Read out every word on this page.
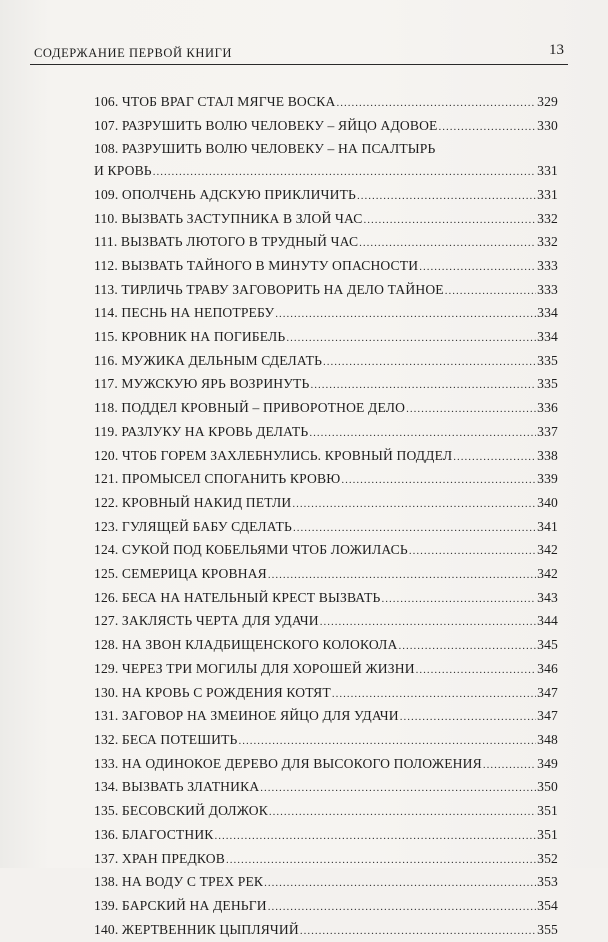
СОДЕРЖАНИЕ ПЕРВОЙ КНИГИ	13
106. ЧТОБ ВРАГ СТАЛ МЯГЧЕ ВОСКА .....	329
107. РАЗРУШИТЬ ВОЛЮ ЧЕЛОВЕКУ – ЯЙЦО АДОВОЕ .....	330
108. РАЗРУШИТЬ ВОЛЮ ЧЕЛОВЕКУ – НА ПСАЛТЫРЬ
И КРОВЬ .....	331
109. ОПОЛЧЕНЬ АДСКУЮ ПРИКЛИЧИТЬ .....	331
110. ВЫЗВАТЬ ЗАСТУПНИКА В ЗЛОЙ ЧАС .....	332
111. ВЫЗВАТЬ ЛЮТОГО В ТРУДНЫЙ ЧАС .....	332
112. ВЫЗВАТЬ ТАЙНОГО В МИНУТУ ОПАСНОСТИ .....	333
113. ТИРЛИЧЬ ТРАВУ ЗАГОВОРИТЬ НА ДЕЛО ТАЙНОЕ .....	333
114. ПЕСНЬ НА НЕПОТРЕБУ .....	334
115. КРОВНИК НА ПОГИБЕЛЬ .....	334
116. МУЖИКА ДЕЛЬНЫМ СДЕЛАТЬ .....	335
117. МУЖСКУЮ ЯРЬ ВОЗРИНУТЬ .....	335
118. ПОДДЕЛ КРОВНЫЙ – ПРИВОРОТНОЕ ДЕЛО .....	336
119. РАЗЛУКУ НА КРОВЬ ДЕЛАТЬ .....	337
120. ЧТОБ ГОРЕМ ЗАХЛЕБНУЛИСЬ. КРОВНЫЙ ПОДДЕЛ .....	338
121. ПРОМЫСЕЛ СПОГАНИТЬ КРОВЮ .....	339
122. КРОВНЫЙ НАКИД ПЕТЛИ .....	340
123. ГУЛЯЩЕЙ БАБУ СДЕЛАТЬ .....	341
124. СУКОЙ ПОД КОБЕЛЬЯМИ ЧТОБ ЛОЖИЛАСЬ .....	342
125. СЕМЕРИЦА КРОВНАЯ .....	342
126. БЕСА НА НАТЕЛЬНЫЙ КРЕСТ ВЫЗВАТЬ .....	343
127. ЗАКЛЯСТЬ ЧЕРТА ДЛЯ УДАЧИ .....	344
128. НА ЗВОН КЛАДБИЩЕНСКОГО КОЛОКОЛА .....	345
129. ЧЕРЕЗ ТРИ МОГИЛЫ ДЛЯ ХОРОШЕЙ ЖИЗНИ .....	346
130. НА КРОВЬ С РОЖДЕНИЯ КОТЯТ .....	347
131. ЗАГОВОР НА ЗМЕИНОЕ ЯЙЦО ДЛЯ УДАЧИ .....	347
132. БЕСА ПОТЕШИТЬ .....	348
133. НА ОДИНОКОЕ ДЕРЕВО ДЛЯ ВЫСОКОГО ПОЛОЖЕНИЯ .....	349
134. ВЫЗВАТЬ ЗЛАТНИКА .....	350
135. БЕСОВСКИЙ ДОЛЖОК .....	351
136. БЛАГОСТНИК .....	351
137. ХРАН ПРЕДКОВ .....	352
138. НА ВОДУ С ТРЕХ РЕК .....	353
139. БАРСКИЙ НА ДЕНЬГИ .....	354
140. ЖЕРТВЕННИК ЦЫПЛЯЧИЙ .....	355
